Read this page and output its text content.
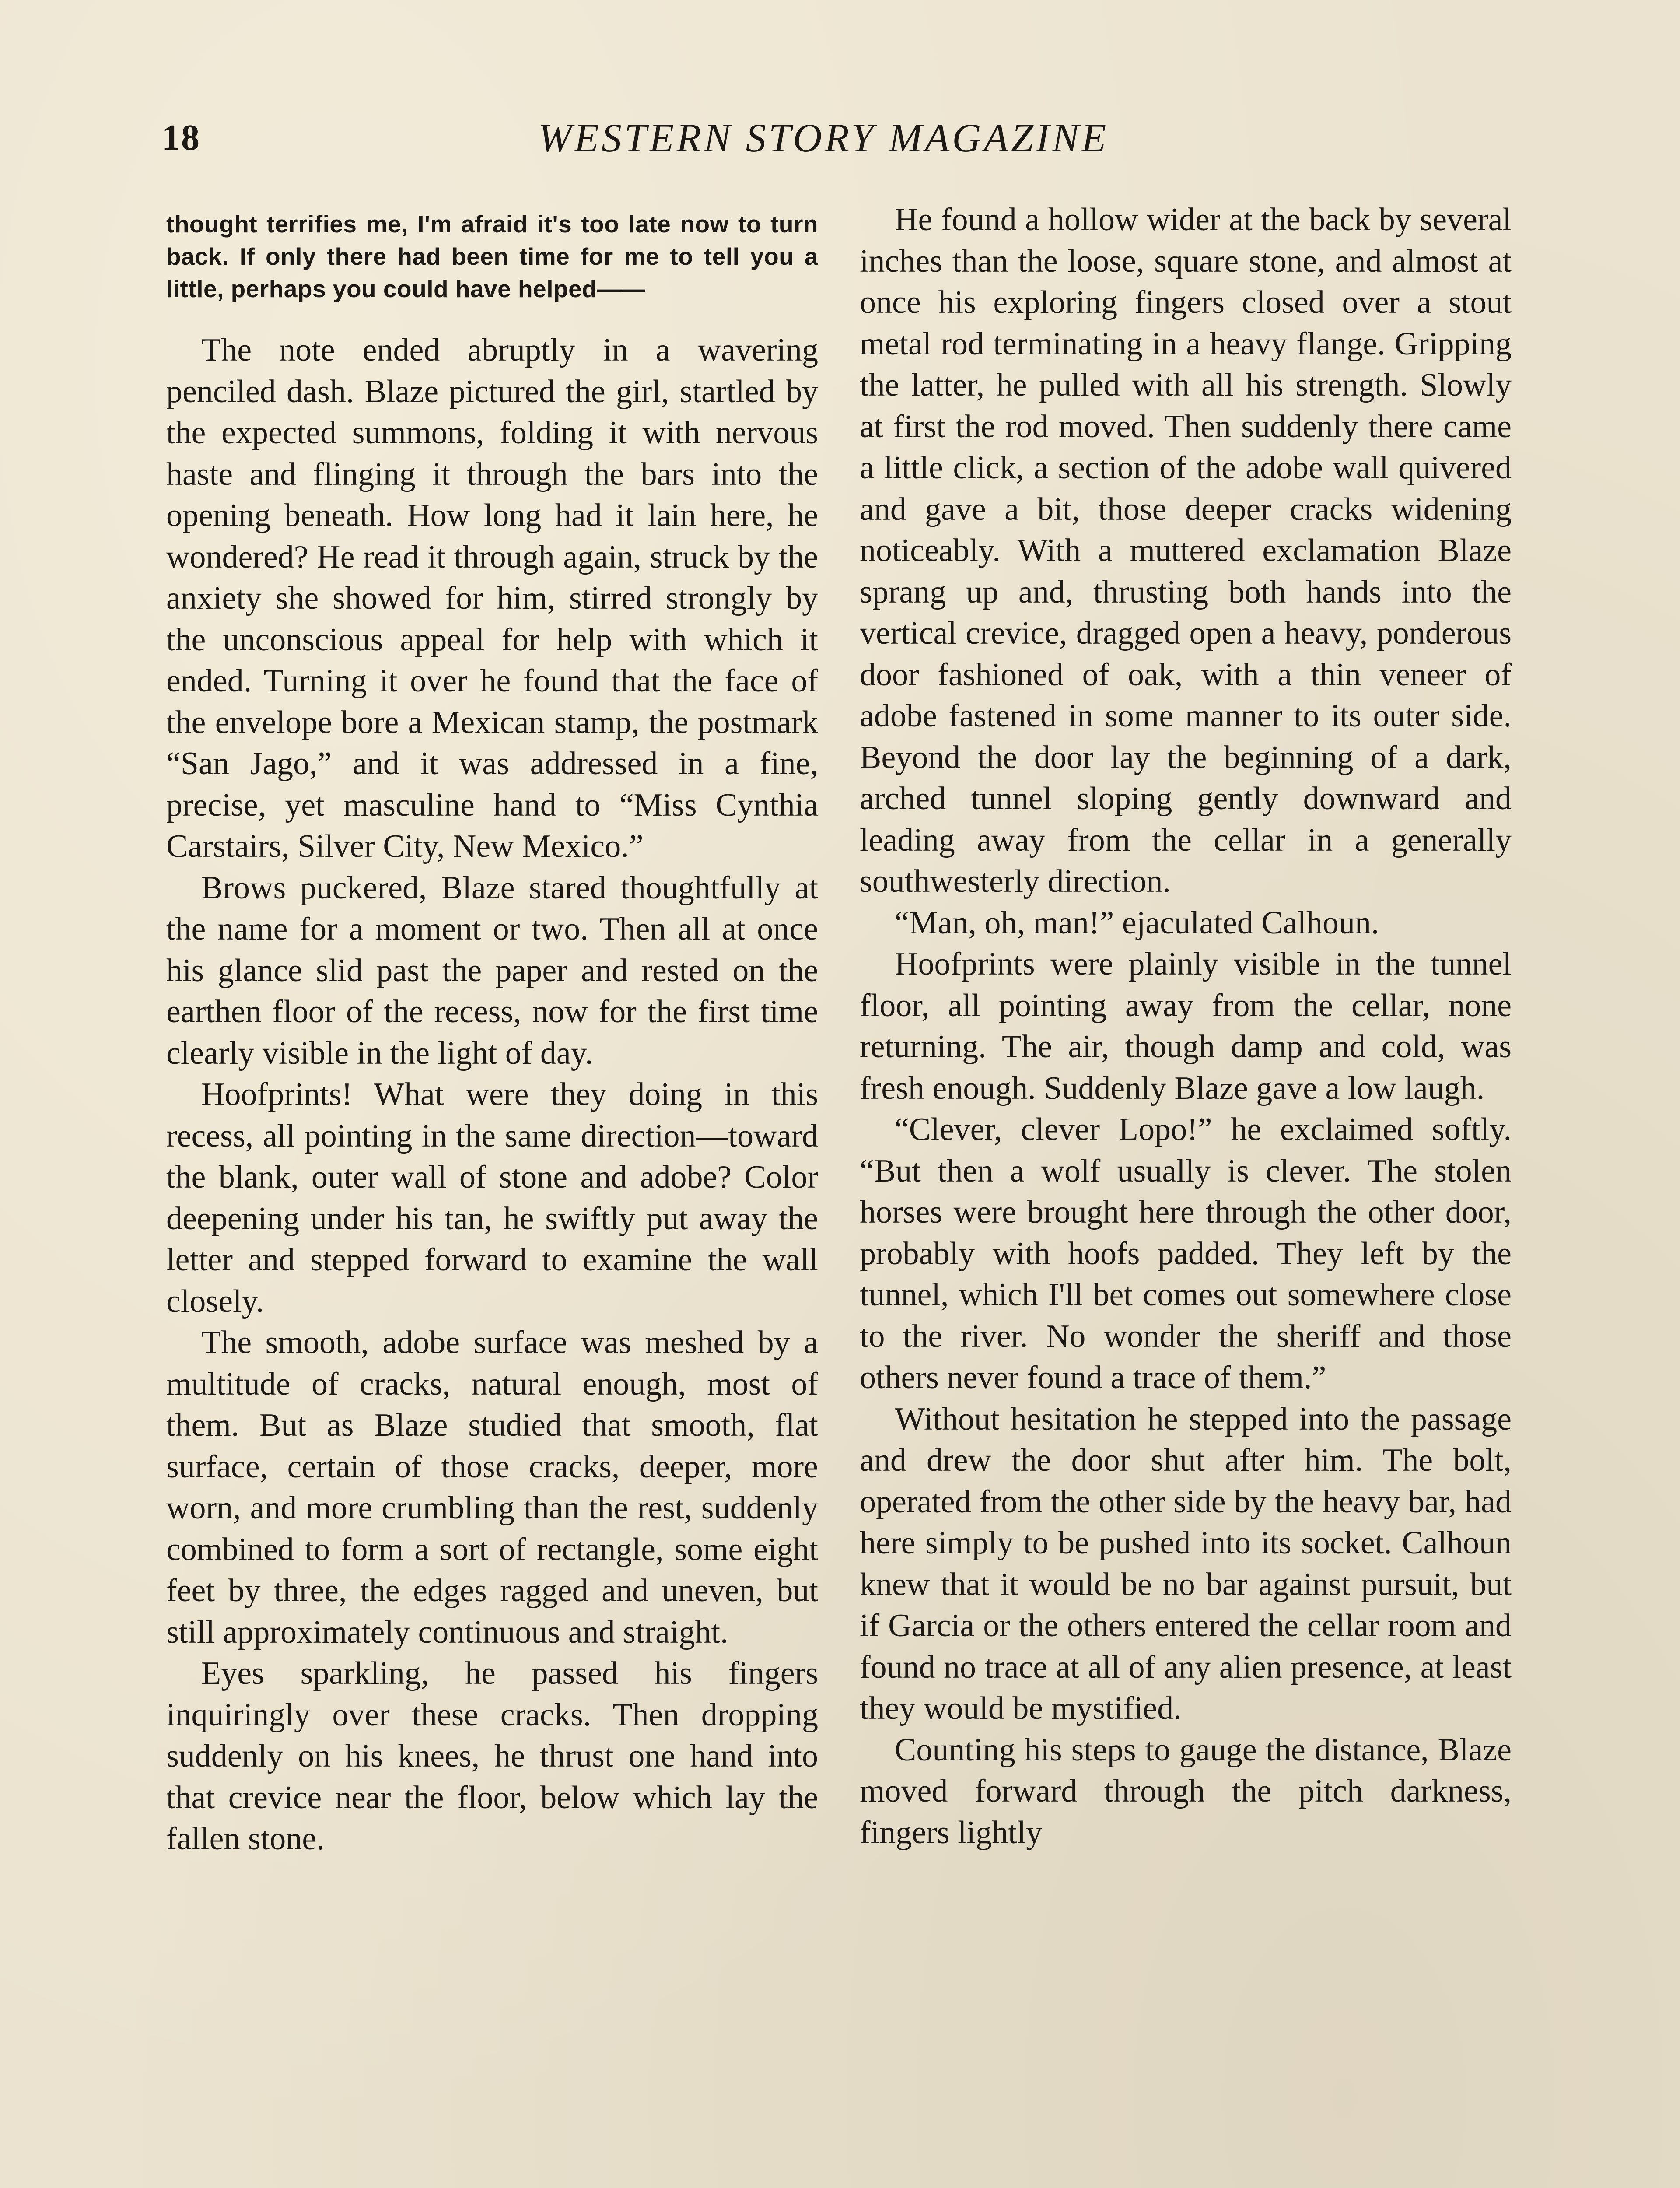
18	WESTERN STORY MAGAZINE
thought terrifies me, I'm afraid it's too late now to turn back. If only there had been time for me to tell you a little, perhaps you could have helped——

The note ended abruptly in a wavering penciled dash. Blaze pictured the girl, startled by the expected summons, folding it with nervous haste and flinging it through the bars into the opening beneath. How long had it lain here, he wondered? He read it through again, struck by the anxiety she showed for him, stirred strongly by the unconscious appeal for help with which it ended. Turning it over he found that the face of the envelope bore a Mexican stamp, the postmark “San Jago,” and it was addressed in a fine, precise, yet masculine hand to “Miss Cynthia Carstairs, Silver City, New Mexico.”

Brows puckered, Blaze stared thoughtfully at the name for a moment or two. Then all at once his glance slid past the paper and rested on the earthen floor of the recess, now for the first time clearly visible in the light of day.

Hoofprints! What were they doing in this recess, all pointing in the same direction—toward the blank, outer wall of stone and adobe? Color deepening under his tan, he swiftly put away the letter and stepped forward to examine the wall closely.

The smooth, adobe surface was meshed by a multitude of cracks, natural enough, most of them. But as Blaze studied that smooth, flat surface, certain of those cracks, deeper, more worn, and more crumbling than the rest, suddenly combined to form a sort of rectangle, some eight feet by three, the edges ragged and uneven, but still approximately continuous and straight.

Eyes sparkling, he passed his fingers inquiringly over these cracks. Then dropping suddenly on his knees, he thrust one hand into that crevice near the floor, below which lay the fallen stone.

He found a hollow wider at the back by several inches than the loose, square stone, and almost at once his exploring fingers closed over a stout metal rod terminating in a heavy flange. Gripping the latter, he pulled with all his strength. Slowly at first the rod moved. Then suddenly there came a little click, a section of the adobe wall quivered and gave a bit, those deeper cracks widening noticeably. With a muttered exclamation Blaze sprang up and, thrusting both hands into the vertical crevice, dragged open a heavy, ponderous door fashioned of oak, with a thin veneer of adobe fastened in some manner to its outer side. Beyond the door lay the beginning of a dark, arched tunnel sloping gently downward and leading away from the cellar in a generally southwesterly direction.

“Man, oh, man!” ejaculated Calhoun.

Hoofprints were plainly visible in the tunnel floor, all pointing away from the cellar, none returning. The air, though damp and cold, was fresh enough. Suddenly Blaze gave a low laugh.

“Clever, clever Lopo!” he exclaimed softly. “But then a wolf usually is clever. The stolen horses were brought here through the other door, probably with hoofs padded. They left by the tunnel, which I'll bet comes out somewhere close to the river. No wonder the sheriff and those others never found a trace of them.”

Without hesitation he stepped into the passage and drew the door shut after him. The bolt, operated from the other side by the heavy bar, had here simply to be pushed into its socket. Calhoun knew that it would be no bar against pursuit, but if Garcia or the others entered the cellar room and found no trace at all of any alien presence, at least they would be mystified.

Counting his steps to gauge the distance, Blaze moved forward through the pitch darkness, fingers lightly
